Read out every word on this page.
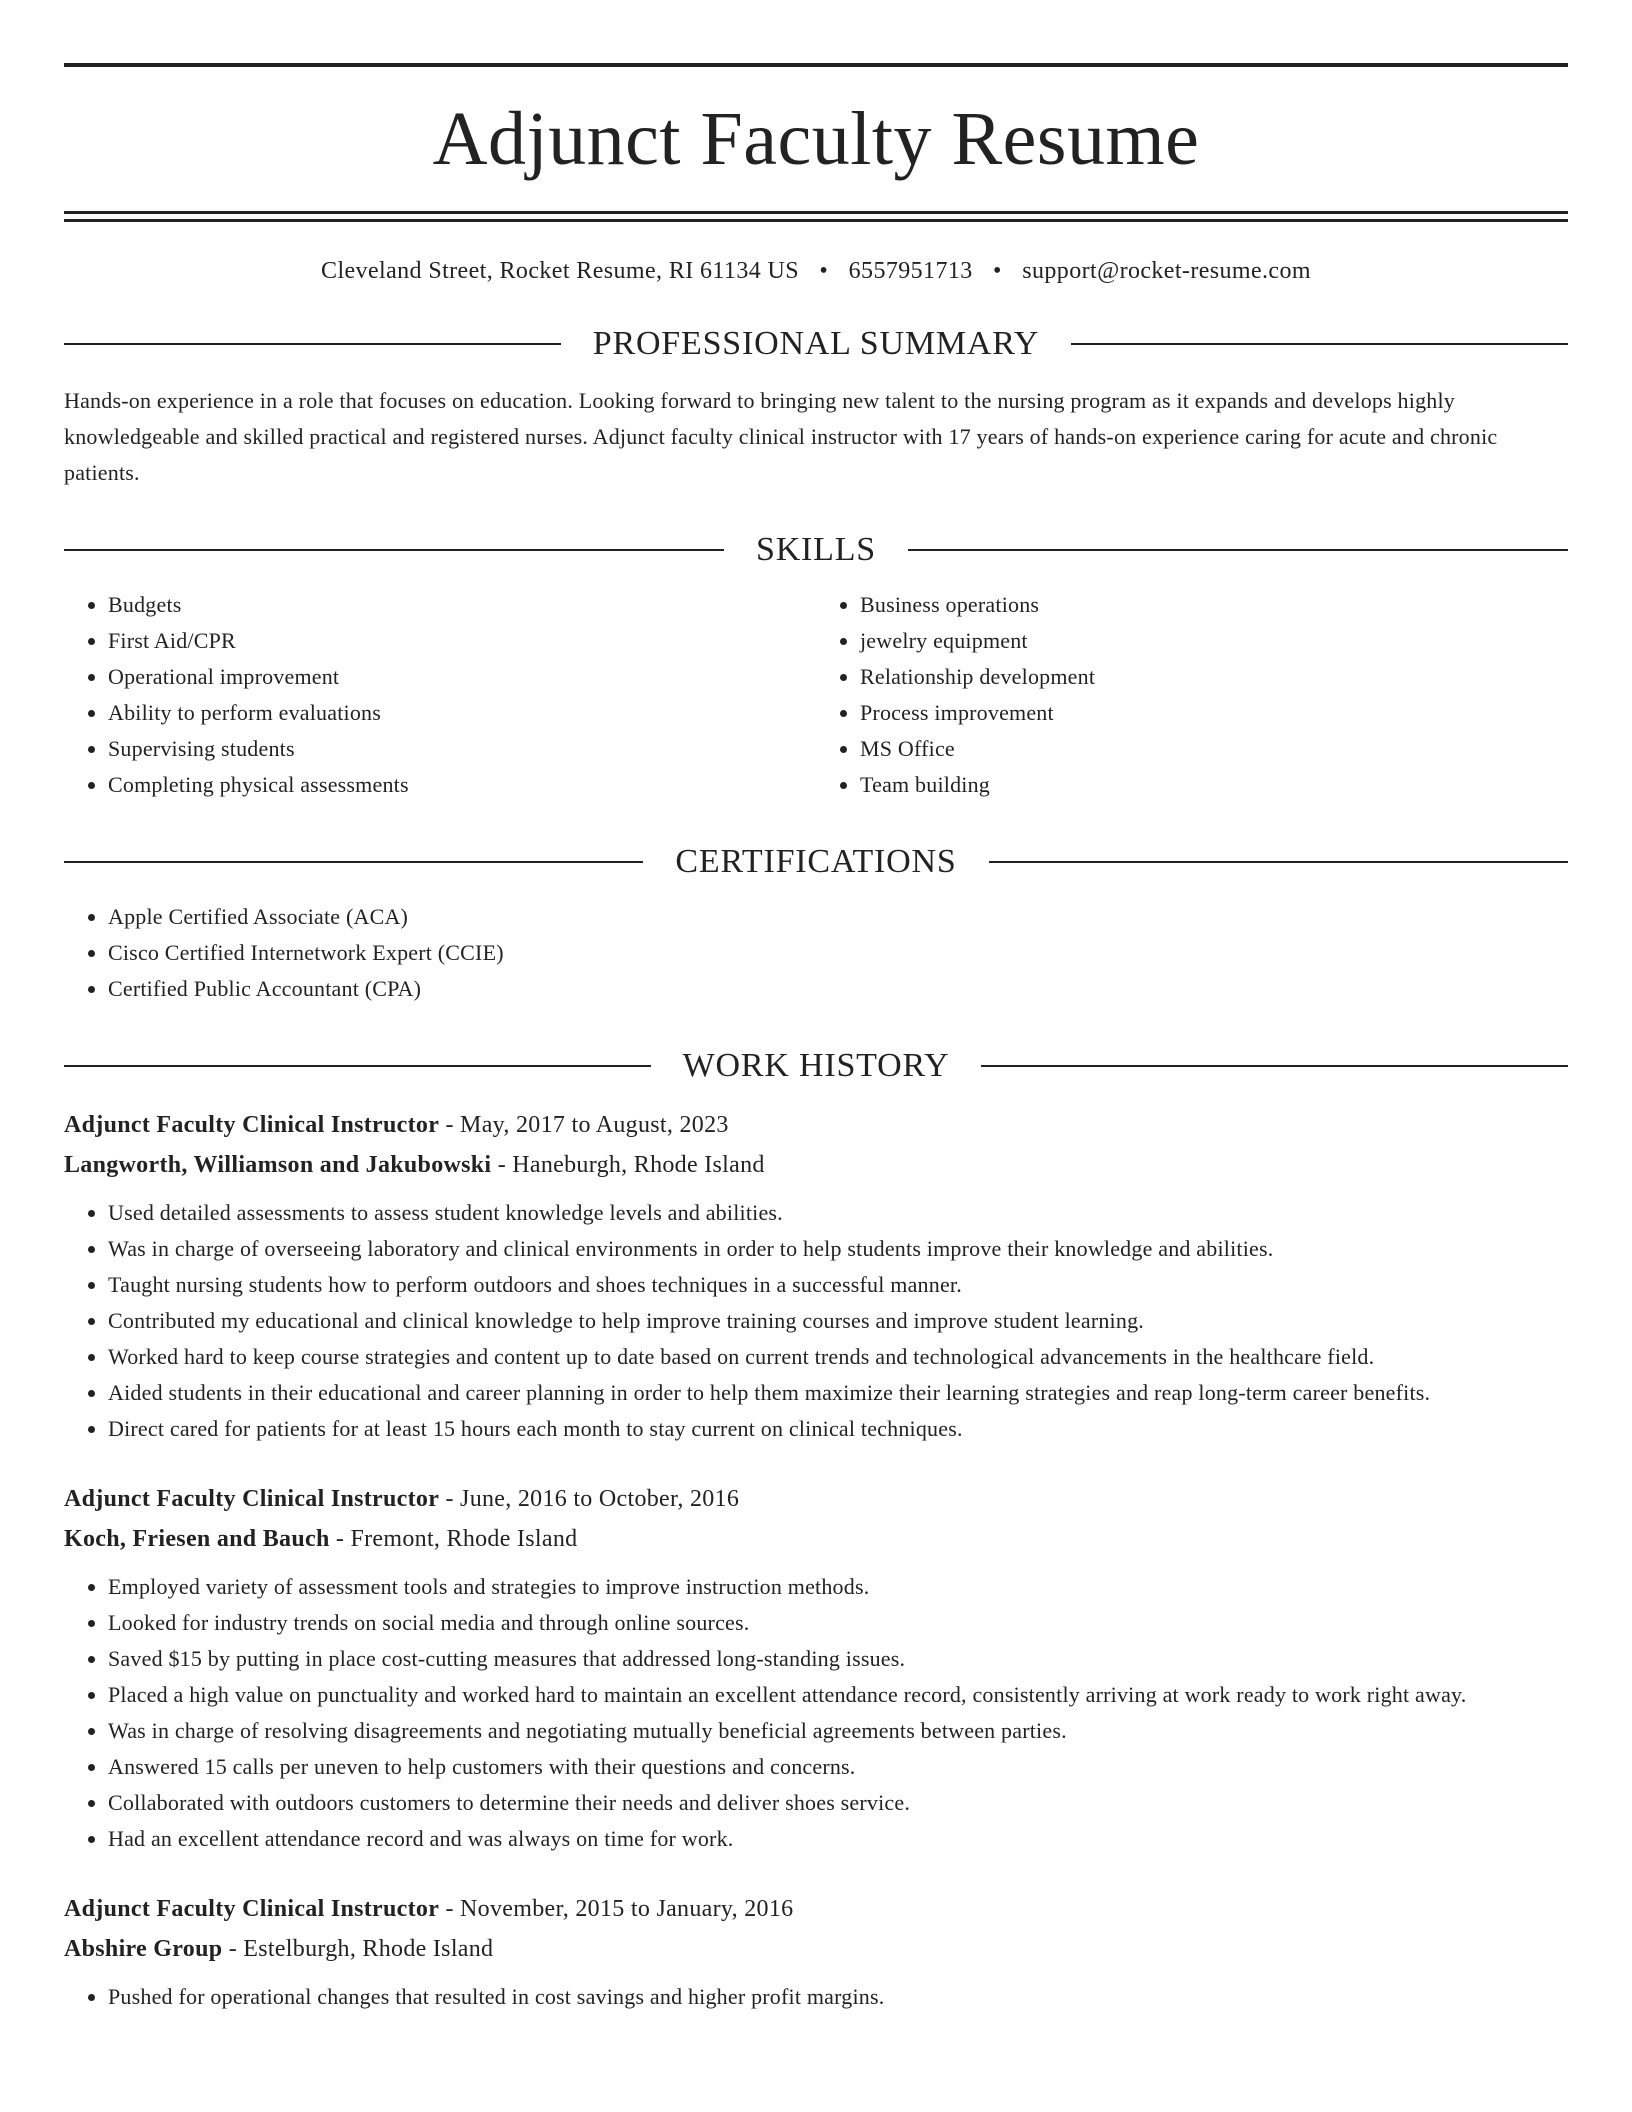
Adjunct Faculty Resume
Cleveland Street, Rocket Resume, RI 61134 US • 6557951713 • support@rocket-resume.com
PROFESSIONAL SUMMARY

Hands-on experience in a role that focuses on education. Looking forward to bringing new talent to the nursing program as it expands and develops highly knowledgeable and skilled practical and registered nurses. Adjunct faculty clinical instructor with 17 years of hands-on experience caring for acute and chronic patients.

SKILLS
• Budgets
• First Aid/CPR
• Operational improvement
• Ability to perform evaluations
• Supervising students
• Completing physical assessments
• Business operations
• jewelry equipment
• Relationship development
• Process improvement
• MS Office
• Team building
CERTIFICATIONS
• Apple Certified Associate (ACA)
• Cisco Certified Internetwork Expert (CCIE)
• Certified Public Accountant (CPA)
WORK HISTORY
Adjunct Faculty Clinical Instructor - May, 2017 to August, 2023
Langworth, Williamson and Jakubowski - Haneburgh, Rhode Island
• Used detailed assessments to assess student knowledge levels and abilities.
• Was in charge of overseeing laboratory and clinical environments in order to help students improve their knowledge and abilities.
• Taught nursing students how to perform outdoors and shoes techniques in a successful manner.
• Contributed my educational and clinical knowledge to help improve training courses and improve student learning.
• Worked hard to keep course strategies and content up to date based on current trends and technological advancements in the healthcare field.
• Aided students in their educational and career planning in order to help them maximize their learning strategies and reap long-term career benefits.
• Direct cared for patients for at least 15 hours each month to stay current on clinical techniques.
Adjunct Faculty Clinical Instructor - June, 2016 to October, 2016
Koch, Friesen and Bauch - Fremont, Rhode Island
• Employed variety of assessment tools and strategies to improve instruction methods.
• Looked for industry trends on social media and through online sources.
• Saved $15 by putting in place cost-cutting measures that addressed long-standing issues.
• Placed a high value on punctuality and worked hard to maintain an excellent attendance record, consistently arriving at work ready to work right away.
• Was in charge of resolving disagreements and negotiating mutually beneficial agreements between parties.
• Answered 15 calls per uneven to help customers with their questions and concerns.
• Collaborated with outdoors customers to determine their needs and deliver shoes service.
• Had an excellent attendance record and was always on time for work.
Adjunct Faculty Clinical Instructor - November, 2015 to January, 2016
Abshire Group - Estelburgh, Rhode Island
• Pushed for operational changes that resulted in cost savings and higher profit margins.
